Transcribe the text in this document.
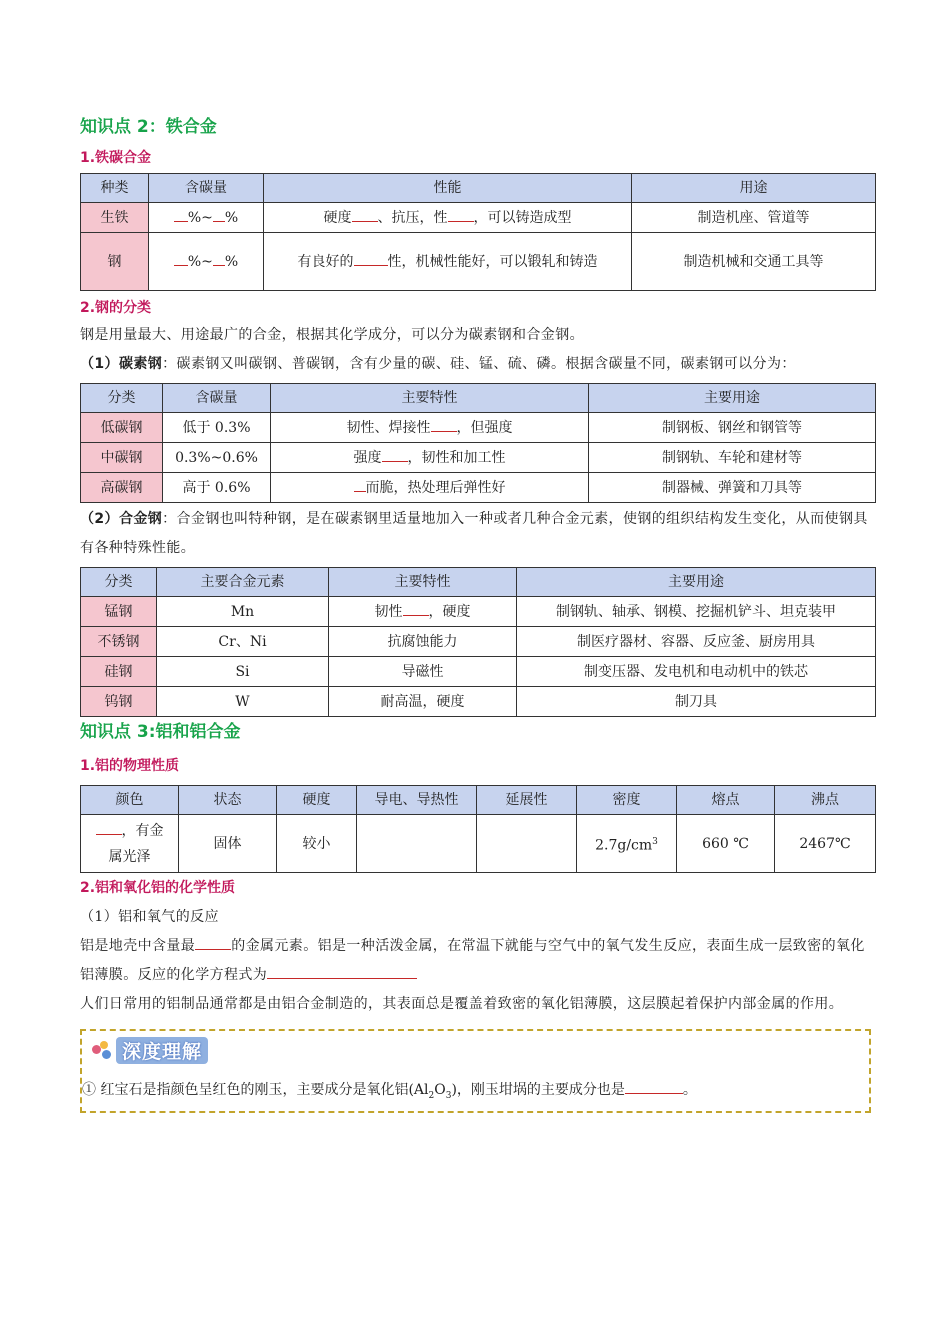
知识点 2：铁合金
1.铁碳合金
种类	含碳量	性能	用途
生铁	%~ %	硬度 、抗压，性 ，可以铸造成型	制造机座、管道等
钢	%~ %	有良好的 性，机械性能好，可以锻轧和铸造	制造机械和交通工具等
2.钢的分类
钢是用量最大、用途最广的合金，根据其化学成分，可以分为碳素钢和合金钢。
（1）碳素钢：碳素钢又叫碳钢、普碳钢，含有少量的碳、硅、锰、硫、磷。根据含碳量不同，碳素钢可以分为：
分类	含碳量	主要特性	主要用途
低碳钢	低于 0.3%	韧性、焊接性 ，但强度	制钢板、钢丝和钢管等
中碳钢	0.3%~0.6%	强度 ，韧性和加工性	制钢轨、车轮和建材等
高碳钢	高于 0.6%	而脆，热处理后弹性好	制器械、弹簧和刀具等
（2）合金钢：合金钢也叫特种钢，是在碳素钢里适量地加入一种或者几种合金元素，使钢的组织结构发生变化，从而使钢具有各种特殊性能。
分类	主要合金元素	主要特性	主要用途
锰钢	Mn	韧性 ，硬度	制钢轨、轴承、钢模、挖掘机铲斗、坦克装甲
不锈钢	Cr、Ni	抗腐蚀能力	制医疗器材、容器、反应釜、厨房用具
硅钢	Si	导磁性	制变压器、发电机和电动机中的铁芯
钨钢	W	耐高温，硬度	制刀具
知识点 3:铝和铝合金
1.铝的物理性质
颜色	状态	硬度	导电、导热性	延展性	密度	熔点	沸点
，有金
属光泽	固体	较小			$2.7g/cm^3$	660 ℃	2467℃
2.铝和氧化铝的化学性质
（1）铝和氧气的反应
铝是地壳中含量最	的金属元素。铝是一种活泼金属，在常温下就能与空气中的氧气发生反应，表面生成一层致密的氧化铝薄膜。反应的化学方程式为
人们日常用的铝制品通常都是由铝合金制造的，其表面总是覆盖着致密的氧化铝薄膜，这层膜起着保护内部金属的作用。
深度理解
① 红宝石是指颜色呈红色的刚玉，主要成分是氧化铝$(Al_2O_3)$，刚玉坩埚的主要成分也是	。
